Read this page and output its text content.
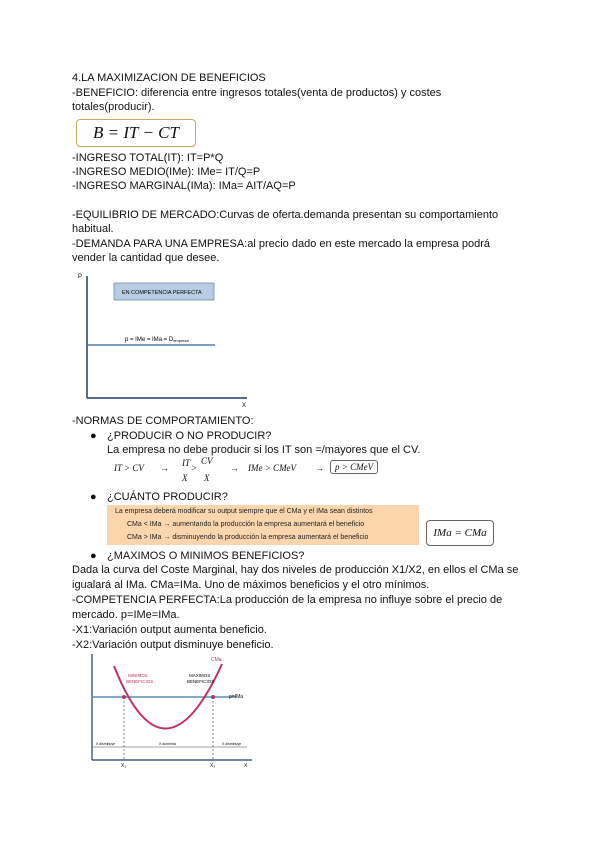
4.LA MAXIMIZACION DE BENEFICIOS
-BENEFICIO: diferencia entre ingresos totales(venta de productos) y costes
totales(producir).
B = IT − CT
-INGRESO TOTAL(IT): IT=P*Q
-INGRESO MEDIO(IMe): IMe= IT/Q=P
-INGRESO MARGINAL(IMa): IMa= AIT/AQ=P
-EQUILIBRIO DE MERCADO:Curvas de oferta.demanda presentan su comportamiento
habitual.
-DEMANDA PARA UNA EMPRESA:al precio dado en este mercado la empresa podrá
vender la cantidad que desee.
P
X
EN COMPETENCIA PERFECTA
p = IMe = IMa = Dempresa
-NORMAS DE COMPORTAMIENTO:
● ¿PRODUCIR O NO PRODUCIR?
La empresa no debe producir si los IT son =/mayores que el CV.
IT > CV → IT >
CV
X X
→ IMe > CMeV →	p > CMeV
● ¿CUÁNTO PRODUCIR?
La empresa deberá modificar su output siempre que el CMa y el IMa sean distintos
CMa < IMa → aumentando la producción la empresa aumentará el beneficio
CMa > IMa → disminuyendo la producción la empresa aumentará el beneficio	IMa = CMa
● ¿MAXIMOS O MINIMOS BENEFICIOS?
Dada la curva del Coste Marginal, hay dos niveles de producción X1/X2, en ellos el CMa se
igualará al IMa. CMa=IMa. Uno de máximos beneficios y el otro mínimos.
-COMPETENCIA PERFECTA:La producción de la empresa no influye sobre el precio de
mercado. p=IMe=IMa.
-X1:Variación output aumenta beneficio.
-X2:Variación output disminuye beneficio.
CMa
p=IMa
MINIMOS
BENEFICIOS
MAXIMOS
BENEFICIOS
X disminuye	X aumenta	X disminuye
X₁	X₂	X
